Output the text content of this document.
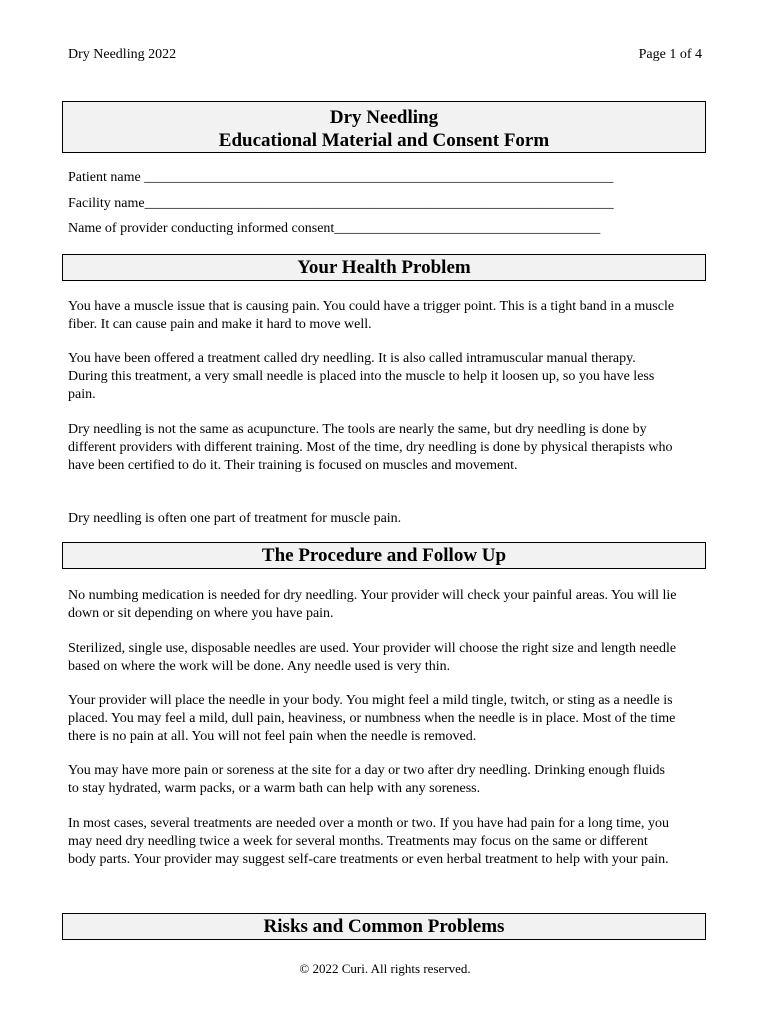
Dry Needling 2022	Page 1 of 4
Dry Needling
Educational Material and Consent Form
Patient name ___________________________________________________________________
Facility name___________________________________________________________________
Name of provider conducting informed consent______________________________________
Your Health Problem

You have a muscle issue that is causing pain. You could have a trigger point. This is a tight band in a muscle fiber. It can cause pain and make it hard to move well.

You have been offered a treatment called dry needling. It is also called intramuscular manual therapy. During this treatment, a very small needle is placed into the muscle to help it loosen up, so you have less pain.

Dry needling is not the same as acupuncture. The tools are nearly the same, but dry needling is done by different providers with different training. Most of the time, dry needling is done by physical therapists who have been certified to do it. Their training is focused on muscles and movement.

Dry needling is often one part of treatment for muscle pain.

The Procedure and Follow Up

No numbing medication is needed for dry needling. Your provider will check your painful areas. You will lie down or sit depending on where you have pain.

Sterilized, single use, disposable needles are used. Your provider will choose the right size and length needle based on where the work will be done. Any needle used is very thin.

Your provider will place the needle in your body. You might feel a mild tingle, twitch, or sting as a needle is placed. You may feel a mild, dull pain, heaviness, or numbness when the needle is in place. Most of the time there is no pain at all. You will not feel pain when the needle is removed.

You may have more pain or soreness at the site for a day or two after dry needling. Drinking enough fluids to stay hydrated, warm packs, or a warm bath can help with any soreness.

In most cases, several treatments are needed over a month or two. If you have had pain for a long time, you may need dry needling twice a week for several months. Treatments may focus on the same or different body parts. Your provider may suggest self-care treatments or even herbal treatment to help with your pain.

Risks and Common Problems
© 2022 Curi. All rights reserved.
